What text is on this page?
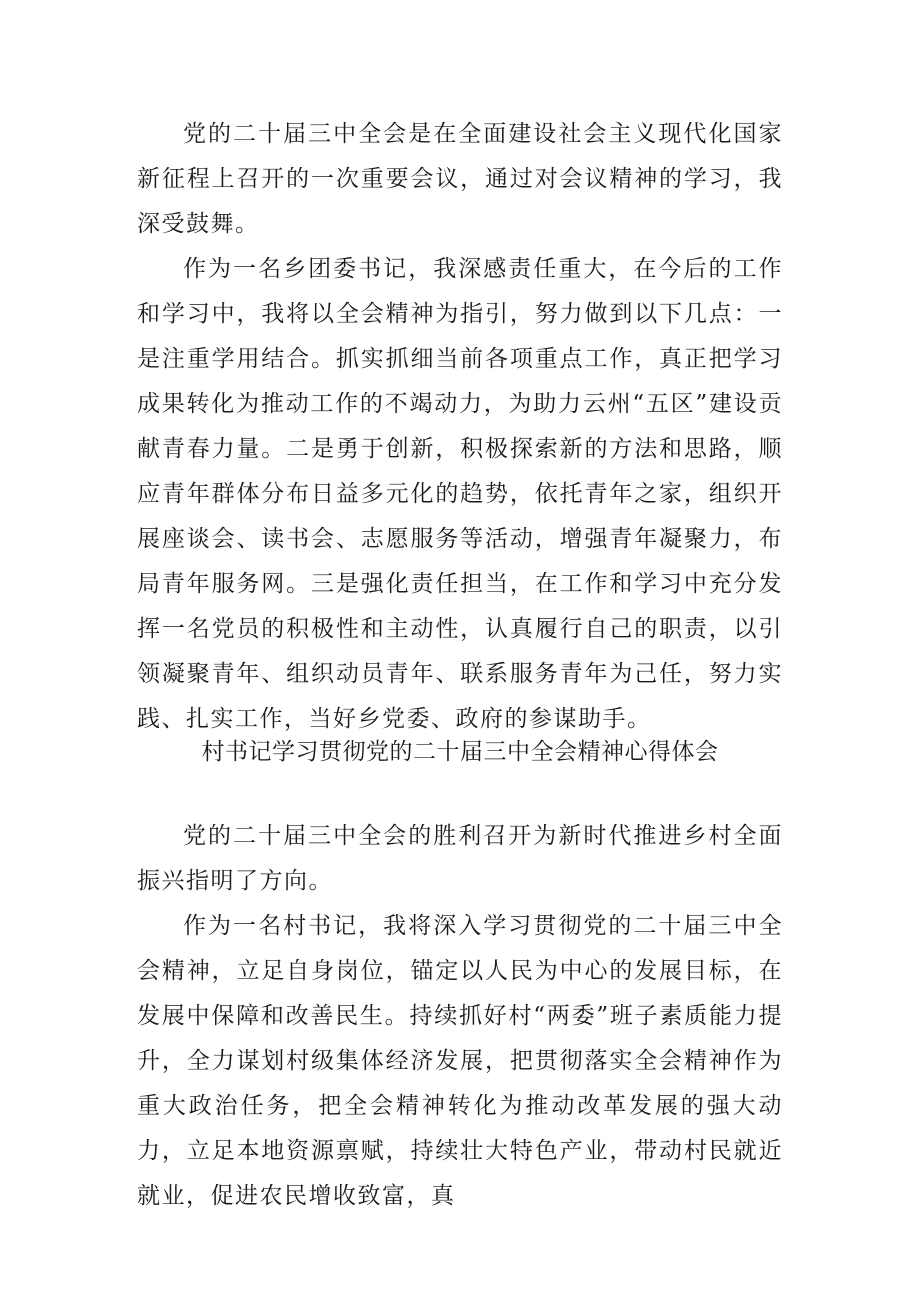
党的二十届三中全会是在全面建设社会主义现代化国家新征程上召开的一次重要会议，通过对会议精神的学习，我深受鼓舞。

作为一名乡团委书记，我深感责任重大，在今后的工作和学习中，我将以全会精神为指引，努力做到以下几点：一是注重学用结合。抓实抓细当前各项重点工作，真正把学习成果转化为推动工作的不竭动力，为助力云州“五区”建设贡献青春力量。二是勇于创新，积极探索新的方法和思路，顺应青年群体分布日益多元化的趋势，依托青年之家，组织开展座谈会、读书会、志愿服务等活动，增强青年凝聚力，布局青年服务网。三是强化责任担当，在工作和学习中充分发挥一名党员的积极性和主动性，认真履行自己的职责，以引领凝聚青年、组织动员青年、联系服务青年为己任，努力实践、扎实工作，当好乡党委、政府的参谋助手。

村书记学习贯彻党的二十届三中全会精神心得体会

党的二十届三中全会的胜利召开为新时代推进乡村全面振兴指明了方向。

作为一名村书记，我将深入学习贯彻党的二十届三中全会精神，立足自身岗位，锚定以人民为中心的发展目标，在发展中保障和改善民生。持续抓好村“两委”班子素质能力提升，全力谋划村级集体经济发展，把贯彻落实全会精神作为重大政治任务，把全会精神转化为推动改革发展的强大动力，立足本地资源禀赋，持续壮大特色产业，带动村民就近就业，促进农民增收致富，真
